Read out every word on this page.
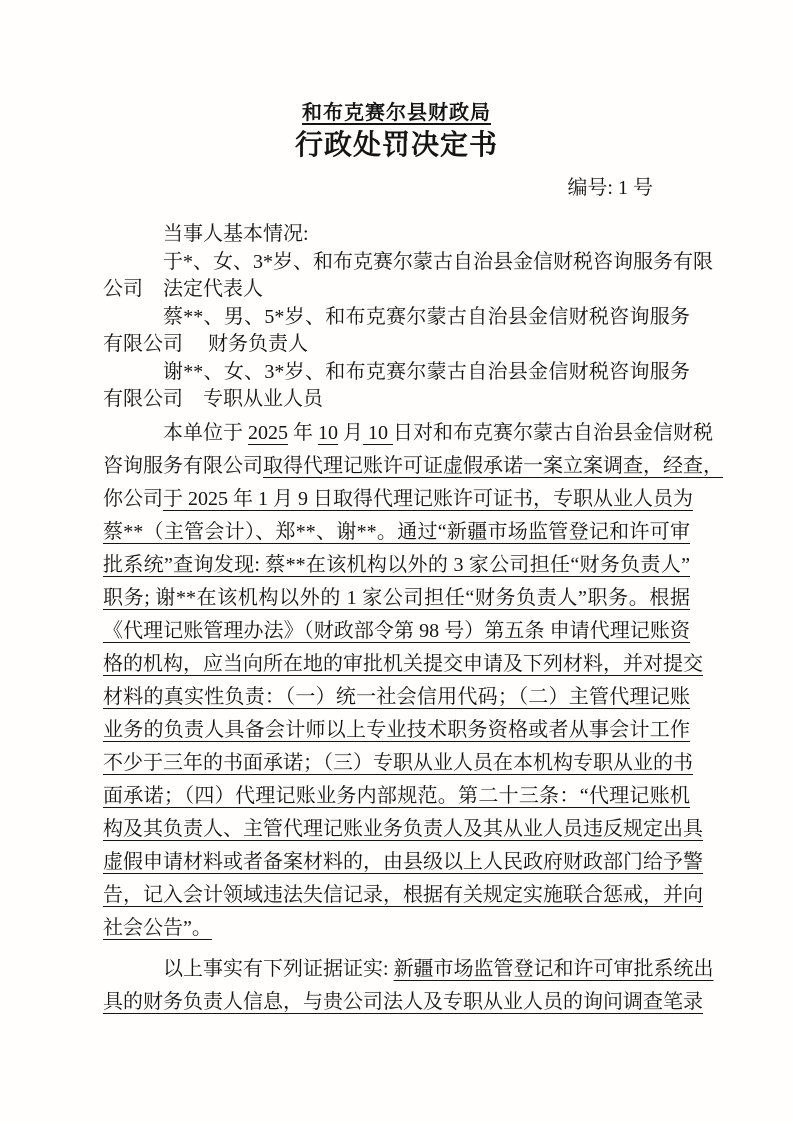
和布克赛尔县财政局
行政处罚决定书
编号: 1 号
当事人基本情况:
于*、女、3*岁、和布克赛尔蒙古自治县金信财税咨询服务有限
公司　法定代表人
蔡**、男、5*岁、和布克赛尔蒙古自治县金信财税咨询服务
有限公司　 财务负责人
谢**、女、3*岁、和布克赛尔蒙古自治县金信财税咨询服务
有限公司　专职从业人员
本单位于 2025 年 10 月 10 日对和布克赛尔蒙古自治县金信财税
咨询服务有限公司取得代理记账许可证虚假承诺一案立案调查，经查，
你公司于 2025 年 1 月 9 日取得代理记账许可证书，专职从业人员为
蔡**（主管会计）、郑**、谢**。通过“新疆市场监管登记和许可审
批系统”查询发现: 蔡**在该机构以外的 3 家公司担任“财务负责人”
职务; 谢**在该机构以外的 1 家公司担任“财务负责人”职务。根据
《代理记账管理办法》（财政部令第 98 号）第五条 申请代理记账资
格的机构，应当向所在地的审批机关提交申请及下列材料，并对提交
材料的真实性负责：（一）统一社会信用代码；（二）主管代理记账
业务的负责人具备会计师以上专业技术职务资格或者从事会计工作
不少于三年的书面承诺；（三）专职从业人员在本机构专职从业的书
面承诺；（四）代理记账业务内部规范。第二十三条：“代理记账机
构及其负责人、主管代理记账业务负责人及其从业人员违反规定出具
虚假申请材料或者备案材料的，由县级以上人民政府财政部门给予警
告，记入会计领域违法失信记录，根据有关规定实施联合惩戒，并向
社会公告”。
以上事实有下列证据证实: 新疆市场监管登记和许可审批系统出
具的财务负责人信息，与贵公司法人及专职从业人员的询问调查笔录
